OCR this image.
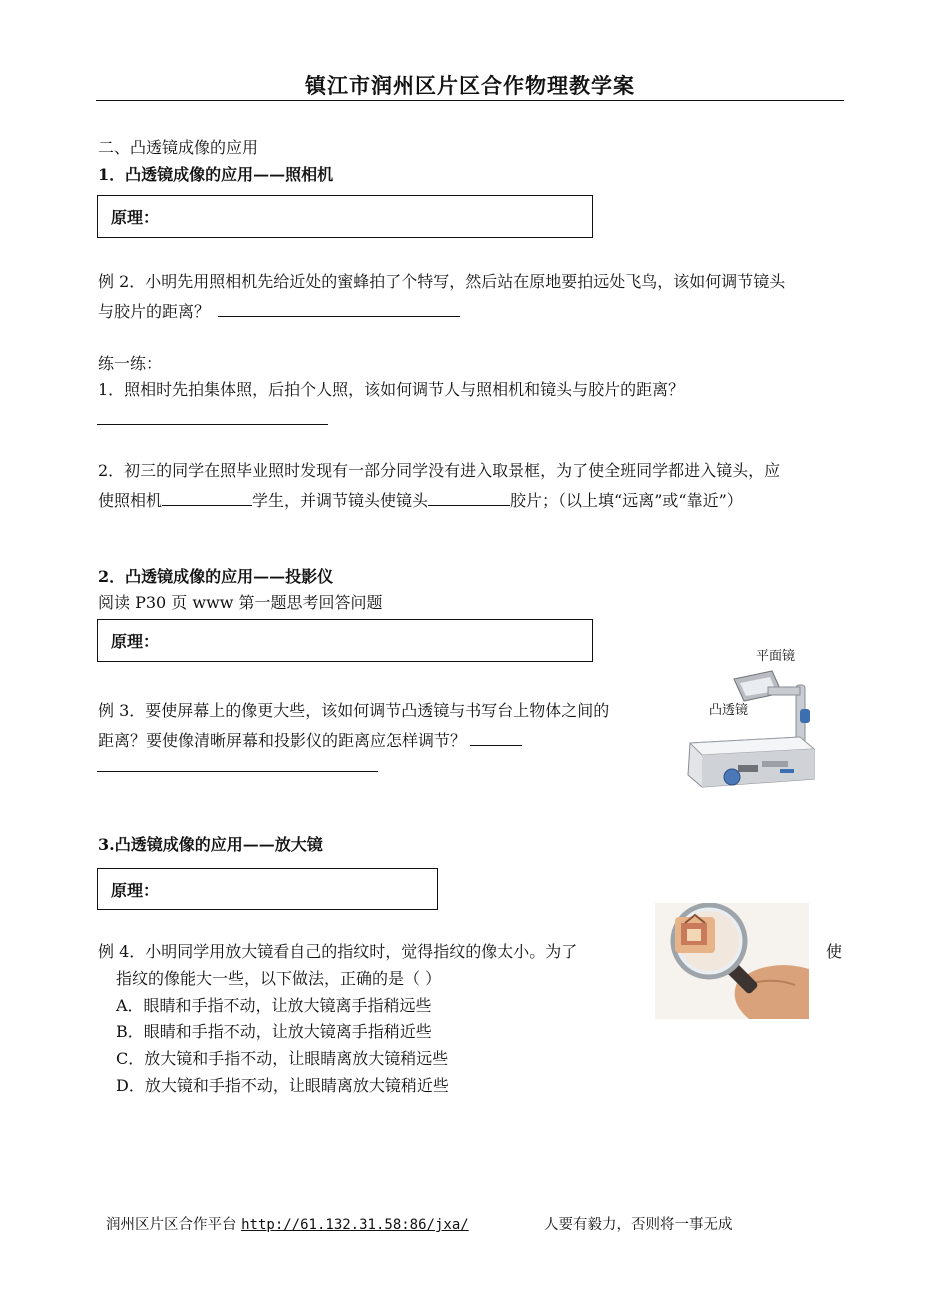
镇江市润州区片区合作物理教学案
二、凸透镜成像的应用
1．凸透镜成像的应用——照相机
原理：
例 2．小明先用照相机先给近处的蜜蜂拍了个特写，然后站在原地要拍远处飞鸟，该如何调节镜头
与胶片的距离？
练一练：
1．照相时先拍集体照，后拍个人照，该如何调节人与照相机和镜头与胶片的距离？
2．初三的同学在照毕业照时发现有一部分同学没有进入取景框，为了使全班同学都进入镜头，应
使照相机	学生，并调节镜头使镜头	胶片；（以上填“远离”或“靠近”）
2．凸透镜成像的应用——投影仪
阅读 P30 页 www 第一题思考回答问题
原理：
例 3．要使屏幕上的像更大些，该如何调节凸透镜与书写台上物体之间的
距离？要使像清晰屏幕和投影仪的距离应怎样调节？
平面镜
凸透镜
3.凸透镜成像的应用——放大镜
原理：
例 4．小明同学用放大镜看自己的指纹时，觉得指纹的像太小。为了	使
指纹的像能大一些，以下做法，正确的是（ ）
A．眼睛和手指不动，让放大镜离手指稍远些
B．眼睛和手指不动，让放大镜离手指稍近些
C．放大镜和手指不动，让眼睛离放大镜稍远些
D．放大镜和手指不动，让眼睛离放大镜稍近些
润州区片区合作平台 http://61.132.31.58:86/jxa/	人要有毅力，否则将一事无成
